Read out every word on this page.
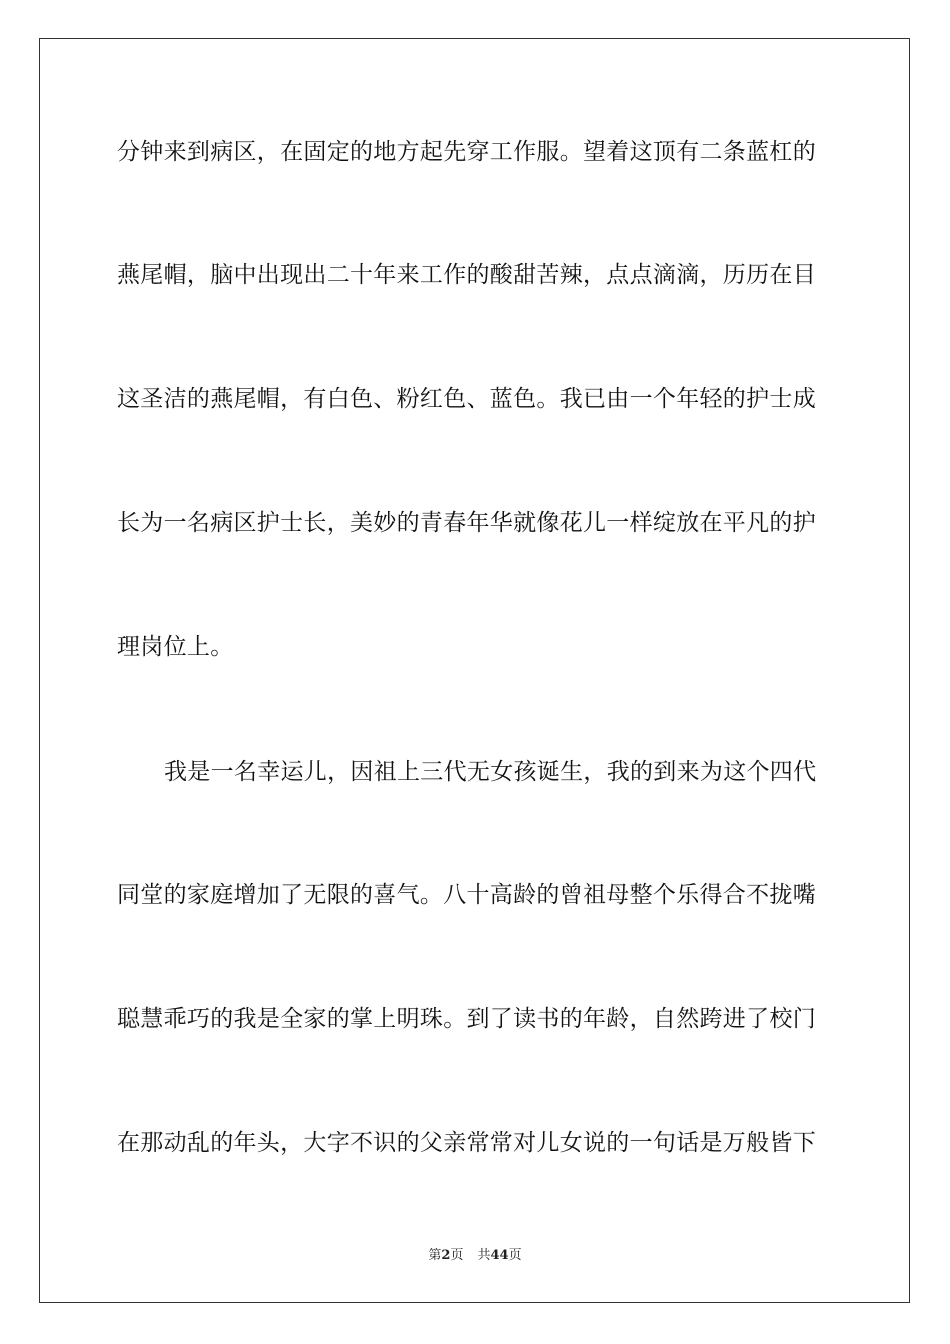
分钟来到病区，在固定的地方起先穿工作服。望着这顶有二条蓝杠的
燕尾帽，脑中出现出二十年来工作的酸甜苦辣，点点滴滴，历历在目
这圣洁的燕尾帽，有白色、粉红色、蓝色。我已由一个年轻的护士成
长为一名病区护士长，美妙的青春年华就像花儿一样绽放在平凡的护
理岗位上。
我是一名幸运儿，因祖上三代无女孩诞生，我的到来为这个四代
同堂的家庭增加了无限的喜气。八十高龄的曾祖母整个乐得合不拢嘴
聪慧乖巧的我是全家的掌上明珠。到了读书的年龄，自然跨进了校门
在那动乱的年头，大字不识的父亲常常对儿女说的一句话是万般皆下
第2页 共44页
